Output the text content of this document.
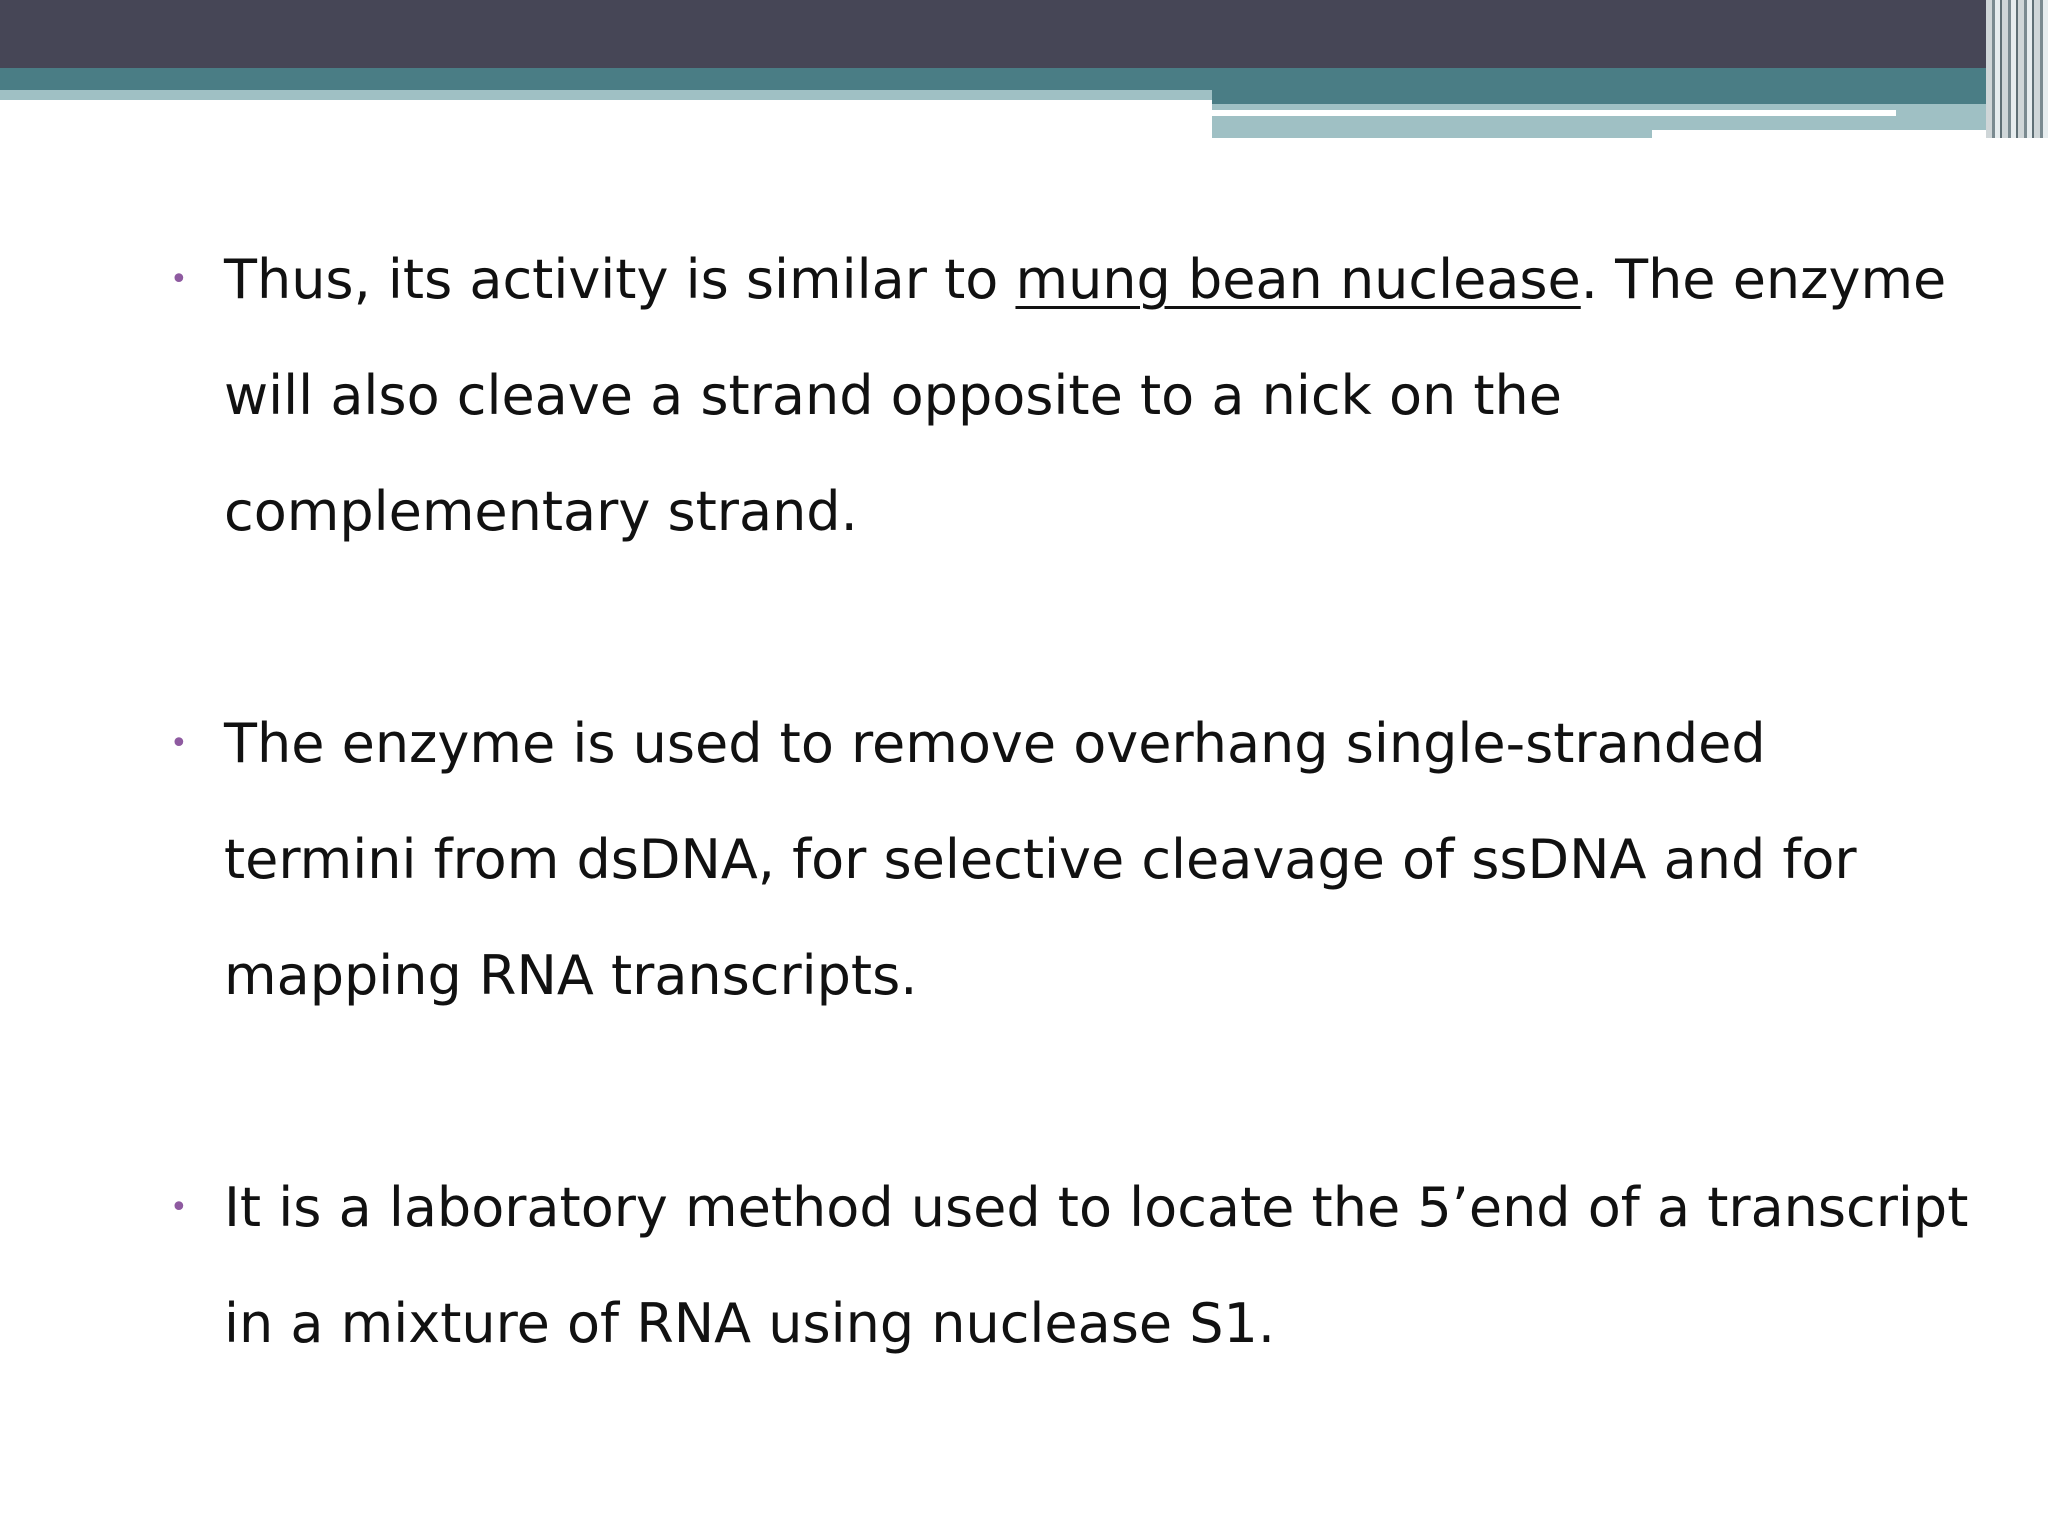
• Thus, its activity is similar to mung bean nuclease. The enzyme will also cleave a strand opposite to a nick on the complementary strand.

• The enzyme is used to remove overhang single-stranded termini from dsDNA, for selective cleavage of ssDNA and for mapping RNA transcripts.

• It is a laboratory method used to locate the 5’end of a transcript in a mixture of RNA using nuclease S1.
